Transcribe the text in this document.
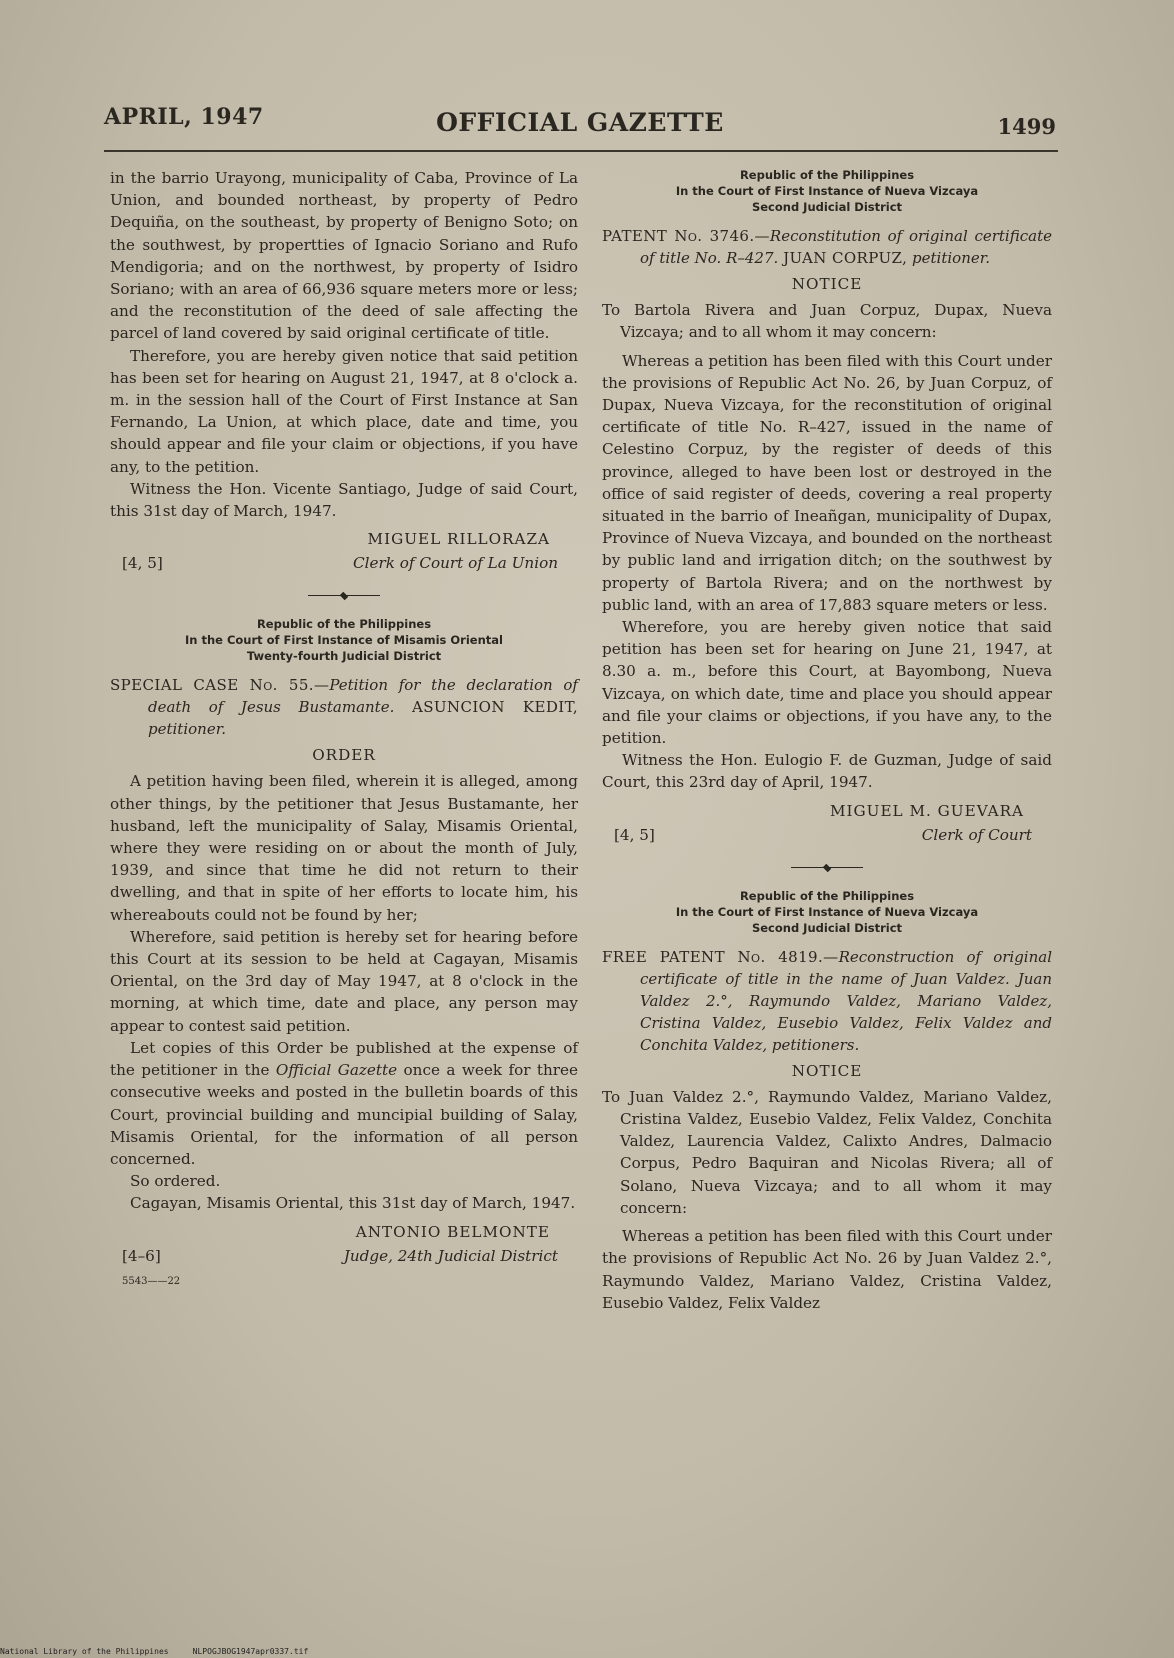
APRIL, 1947	OFFICIAL GAZETTE	1499

in the barrio Urayong, municipality of Caba, Province of La Union, and bounded northeast, by property of Pedro Dequiña, on the southeast, by property of Benigno Soto; on the southwest, by propertties of Ignacio Soriano and Rufo Mendigoria; and on the northwest, by property of Isidro Soriano; with an area of 66,936 square meters more or less; and the reconstitution of the deed of sale affecting the parcel of land covered by said original certificate of title.

Therefore, you are hereby given notice that said petition has been set for hearing on August 21, 1947, at 8 o'clock a. m. in the session hall of the Court of First Instance at San Fernando, La Union, at which place, date and time, you should appear and file your claim or objections, if you have any, to the petition.

Witness the Hon. Vicente Santiago, Judge of said Court, this 31st day of March, 1947.

MIGUEL RILLORAZA
[4, 5]	Clerk of Court of La Union
Republic of the Philippines
In the Court of First Instance of Misamis Oriental
Twenty-fourth Judicial District

SPECIAL CASE No. 55.—Petition for the declaration of death of Jesus Bustamante. ASUNCION KEDIT, petitioner.

ORDER

A petition having been filed, wherein it is alleged, among other things, by the petitioner that Jesus Bustamante, her husband, left the municipality of Salay, Misamis Oriental, where they were residing on or about the month of July, 1939, and since that time he did not return to their dwelling, and that in spite of her efforts to locate him, his whereabouts could not be found by her;

Wherefore, said petition is hereby set for hearing before this Court at its session to be held at Cagayan, Misamis Oriental, on the 3rd day of May 1947, at 8 o'clock in the morning, at which time, date and place, any person may appear to contest said petition.

Let copies of this Order be published at the expense of the petitioner in the Official Gazette once a week for three consecutive weeks and posted in the bulletin boards of this Court, provincial building and muncipial building of Salay, Misamis Oriental, for the information of all person concerned.

So ordered.

Cagayan, Misamis Oriental, this 31st day of March, 1947.

ANTONIO BELMONTE
[4–6]	Judge, 24th Judicial District
5543——22
Republic of the Philippines
In the Court of First Instance of Nueva Vizcaya
Second Judicial District

PATENT No. 3746.—Reconstitution of original certificate of title No. R–427. JUAN CORPUZ, petitioner.

NOTICE

To Bartola Rivera and Juan Corpuz, Dupax, Nueva Vizcaya; and to all whom it may concern:

Whereas a petition has been filed with this Court under the provisions of Republic Act No. 26, by Juan Corpuz, of Dupax, Nueva Vizcaya, for the reconstitution of original certificate of title No. R–427, issued in the name of Celestino Corpuz, by the register of deeds of this province, alleged to have been lost or destroyed in the office of said register of deeds, covering a real property situated in the barrio of Ineañgan, municipality of Dupax, Province of Nueva Vizcaya, and bounded on the northeast by public land and irrigation ditch; on the southwest by property of Bartola Rivera; and on the northwest by public land, with an area of 17,883 square meters or less.

Wherefore, you are hereby given notice that said petition has been set for hearing on June 21, 1947, at 8.30 a. m., before this Court, at Bayombong, Nueva Vizcaya, on which date, time and place you should appear and file your claims or objections, if you have any, to the petition.

Witness the Hon. Eulogio F. de Guzman, Judge of said Court, this 23rd day of April, 1947.

MIGUEL M. GUEVARA
[4, 5]	Clerk of Court
Republic of the Philippines
In the Court of First Instance of Nueva Vizcaya
Second Judicial District

FREE PATENT No. 4819.—Reconstruction of original certificate of title in the name of Juan Valdez. Juan Valdez 2.°, Raymundo Valdez, Mariano Valdez, Cristina Valdez, Eusebio Valdez, Felix Valdez and Conchita Valdez, petitioners.

NOTICE

To Juan Valdez 2.°, Raymundo Valdez, Mariano Valdez, Cristina Valdez, Eusebio Valdez, Felix Valdez, Conchita Valdez, Laurencia Valdez, Calixto Andres, Dalmacio Corpus, Pedro Baquiran and Nicolas Rivera; all of Solano, Nueva Vizcaya; and to all whom it may concern:

Whereas a petition has been filed with this Court under the provisions of Republic Act No. 26 by Juan Valdez 2.°, Raymundo Valdez, Mariano Valdez, Cristina Valdez, Eusebio Valdez, Felix Valdez

National Library of the Philippines	NLPOGJBOG1947apr0337.tif
